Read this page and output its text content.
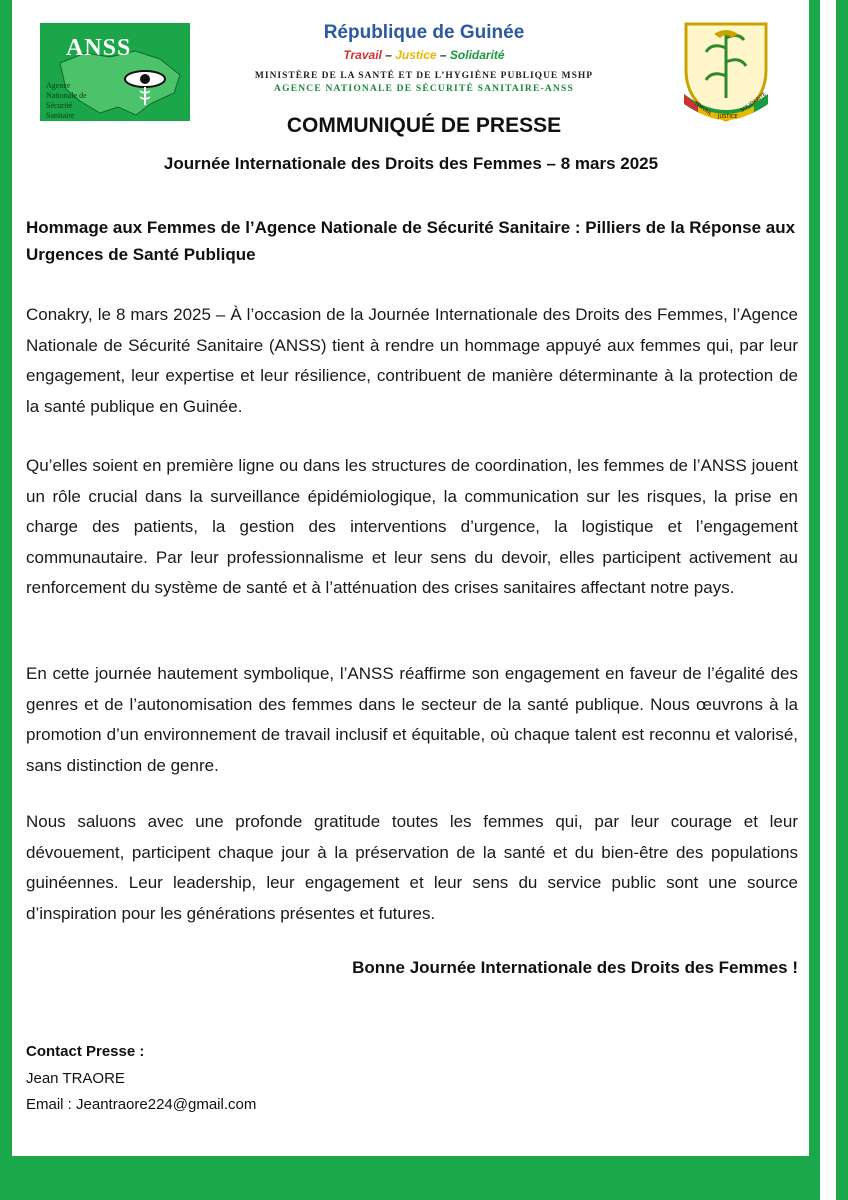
ANSS
Agence
Nationale de
Sécurité
Sanitaire
République de Guinée
Travail – Justice – Solidarité
MINISTÈRE DE LA SANTÉ ET DE L’HYGIÈNE PUBLIQUE MSHP
AGENCE NATIONALE DE SÉCURITÉ SANITAIRE-ANSS
TRAVAIL JUSTICE
SOLIDARITÉ
COMMUNIQUÉ DE PRESSE
Journée Internationale des Droits des Femmes – 8 mars 2025
Hommage aux Femmes de l’Agence Nationale de Sécurité Sanitaire : Pilliers de la Réponse aux Urgences de Santé Publique
Conakry, le 8 mars 2025 – À l’occasion de la Journée Internationale des Droits des Femmes, l’Agence Nationale de Sécurité Sanitaire (ANSS) tient à rendre un hommage appuyé aux femmes qui, par leur engagement, leur expertise et leur résilience, contribuent de manière déterminante à la protection de la santé publique en Guinée.
Qu’elles soient en première ligne ou dans les structures de coordination, les femmes de l’ANSS jouent un rôle crucial dans la surveillance épidémiologique, la communication sur les risques, la prise en charge des patients, la gestion des interventions d’urgence, la logistique et l’engagement communautaire. Par leur professionnalisme et leur sens du devoir, elles participent activement au renforcement du système de santé et à l’atténuation des crises sanitaires affectant notre pays.
En cette journée hautement symbolique, l’ANSS réaffirme son engagement en faveur de l’égalité des genres et de l’autonomisation des femmes dans le secteur de la santé publique. Nous œuvrons à la promotion d’un environnement de travail inclusif et équitable, où chaque talent est reconnu et valorisé, sans distinction de genre.
Nous saluons avec une profonde gratitude toutes les femmes qui, par leur courage et leur dévouement, participent chaque jour à la préservation de la santé et du bien-être des populations guinéennes. Leur leadership, leur engagement et leur sens du service public sont une source d’inspiration pour les générations présentes et futures.
Bonne Journée Internationale des Droits des Femmes !
Contact Presse :
Jean TRAORE
Email : Jeantraore224@gmail.com
